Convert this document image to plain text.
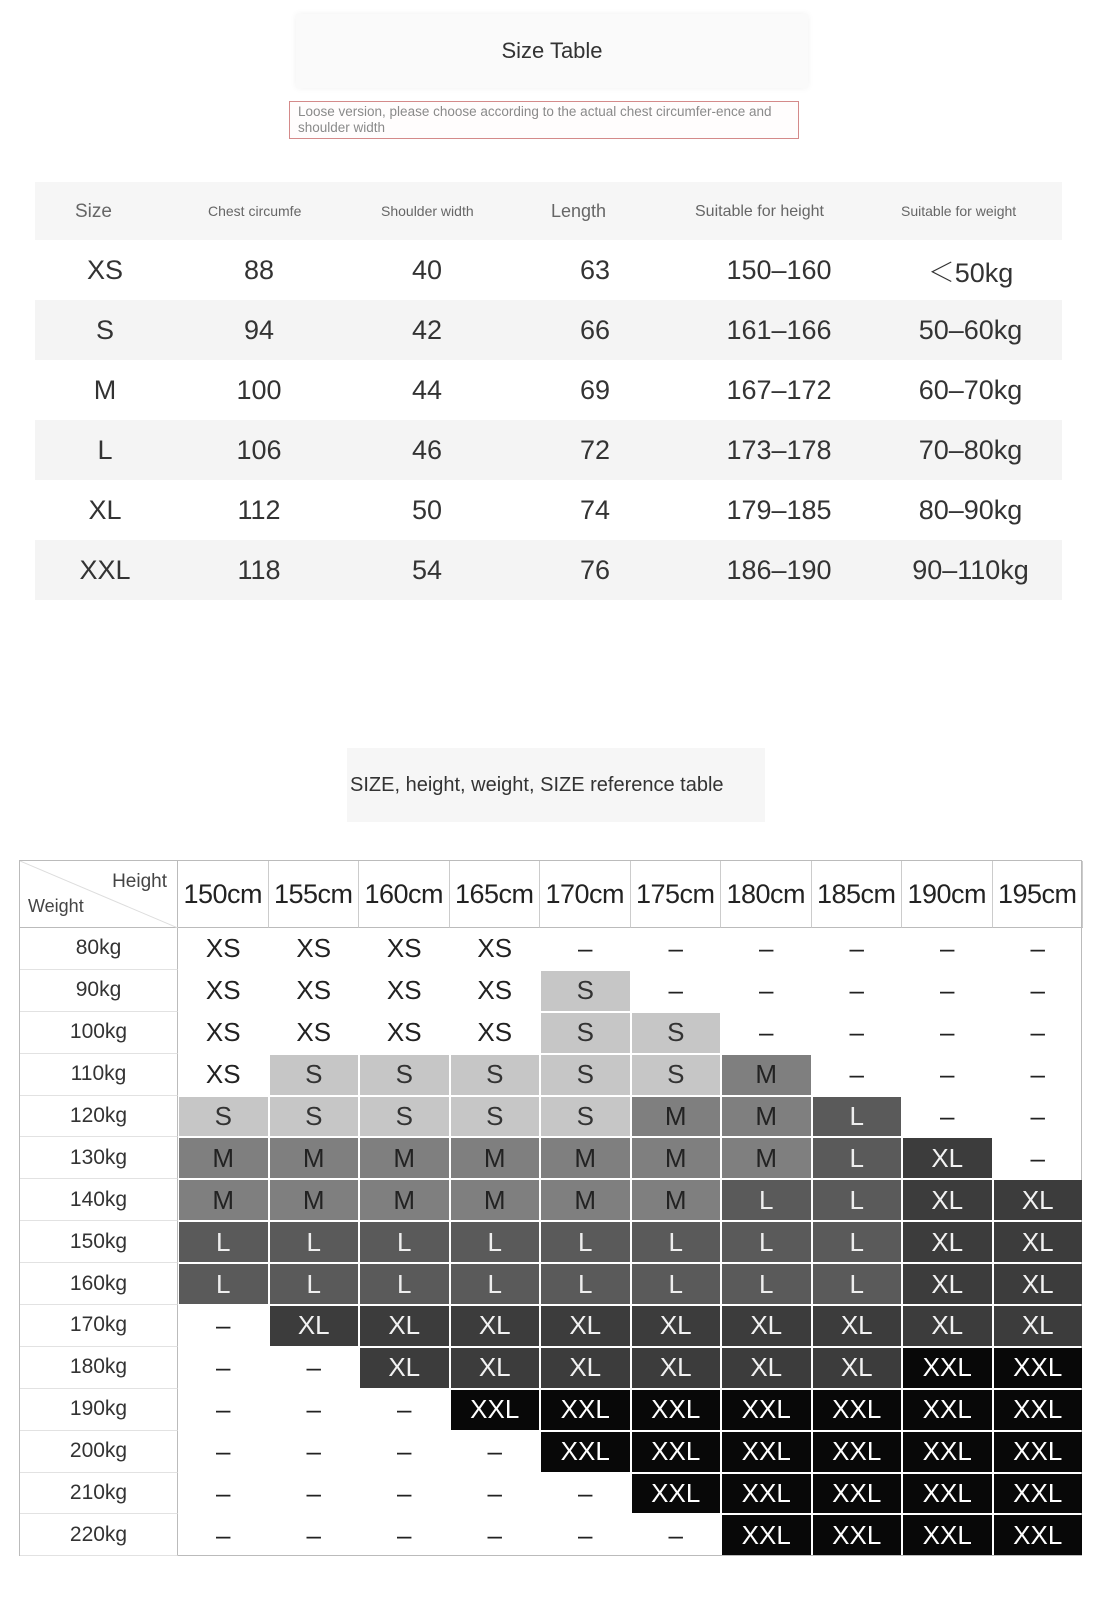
Size Table
Loose version, please choose according to the actual chest circumfer-ence and shoulder width
Size	Chest circumfe	Shoulder width	Length	Suitable for height	Suitable for weight
XS	88	40	63	150–160	＜50kg
S	94	42	66	161–166	50–60kg
M	100	44	69	167–172	60–70kg
L	106	46	72	173–178	70–80kg
XL	112	50	74	179–185	80–90kg
XXL	118	54	76	186–190	90–110kg
SIZE, height, weight, SIZE reference table
Height
Weight	150cm 155cm 160cm 165cm 170cm 175cm 180cm 185cm 190cm 195cm
80kg	XS	XS	XS	XS	–	–	–	–	–	–
90kg	XS	XS	XS	XS	S	–	–	–	–	–
100kg	XS	XS	XS	XS	S	S	–	–	–	–
110kg	XS	S	S	S	S	S	M	–	–	–
120kg	S	S	S	S	S	M	M	L	–	–
130kg	M	M	M	M	M	M	M	L	XL	–
140kg	M	M	M	M	M	M	L	L	XL	XL
150kg	L	L	L	L	L	L	L	L	XL	XL
160kg	L	L	L	L	L	L	L	L	XL	XL
170kg	–	XL	XL	XL	XL	XL	XL	XL	XL	XL
180kg	–	–	XL	XL	XL	XL	XL	XL	XXL	XXL
190kg	–	–	–	XXL	XXL	XXL	XXL	XXL	XXL	XXL
200kg	–	–	–	–	XXL	XXL	XXL	XXL	XXL	XXL
210kg	–	–	–	–	–	XXL	XXL	XXL	XXL	XXL
220kg	–	–	–	–	–	–	XXL	XXL	XXL	XXL
